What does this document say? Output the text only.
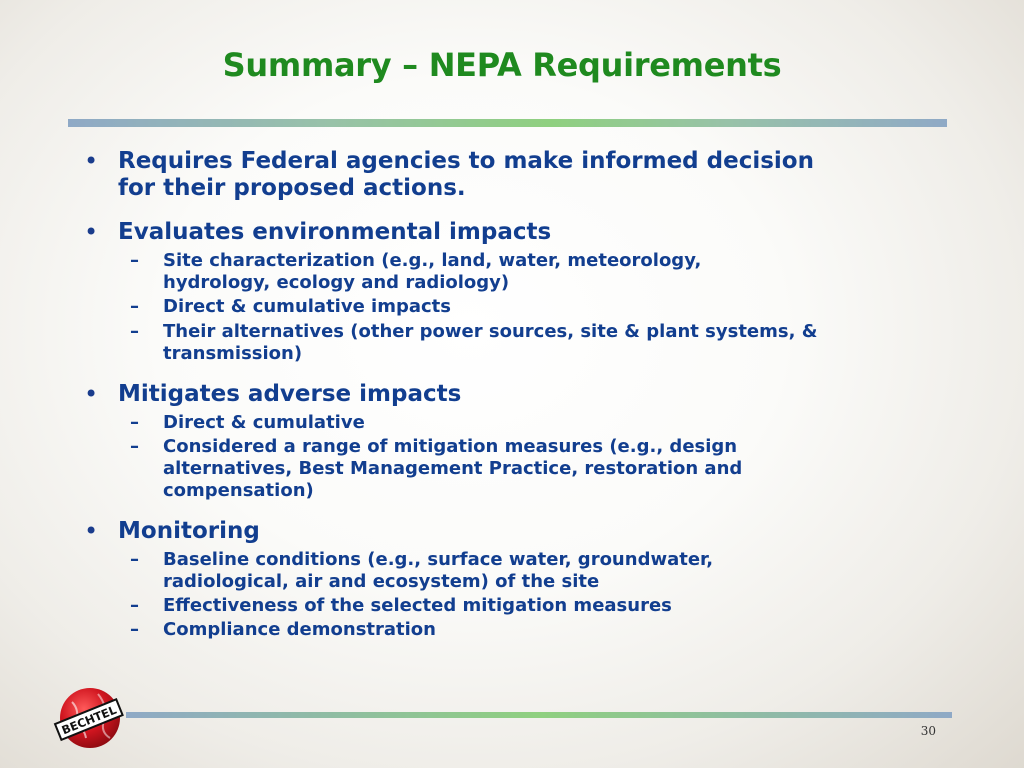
Summary – NEPA Requirements
• Requires Federal agencies to make informed decision
for their proposed actions.
• Evaluates environmental impacts
– Site characterization (e.g., land, water, meteorology,
hydrology, ecology and radiology)
– Direct & cumulative impacts
– Their alternatives (other power sources, site & plant systems, &
transmission)
• Mitigates adverse impacts
– Direct & cumulative
– Considered a range of mitigation measures (e.g., design
alternatives, Best Management Practice, restoration and
compensation)
• Monitoring
– Baseline conditions (e.g., surface water, groundwater,
radiological, air and ecosystem) of the site
– Effectiveness of the selected mitigation measures
– Compliance demonstration
BECHTEL	30
